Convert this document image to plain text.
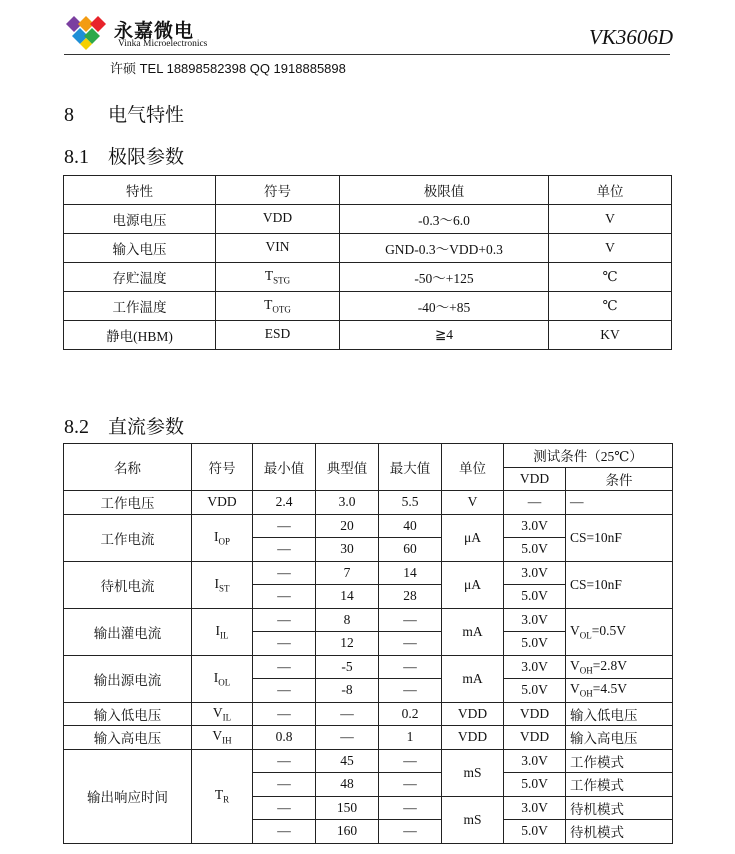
永嘉微电
Vinka Microelectronics	VK3606D
许硕 TEL 18898582398 QQ 1918885898
8 电气特性
8.1 极限参数
特性	符号	极限值	单位
电源电压	VDD	-0.3～6.0	V
输入电压	VIN	GND-0.3～VDD+0.3	V
存贮温度	$T_{STG}$	-50～+125	℃
工作温度	$T_{OTG}$	-40～+85	℃
静电(HBM)	ESD	≧4	KV
8.2 直流参数
名称	符号	最小值	典型值	最大值	单位	测试条件（25℃）	
						VDD	条件
工作电压	VDD	2.4	3.0	5.5	V	—	—
工作电流	$I_{OP}$	—	20	40	μA	3.0V	CS=10nF
		—	30	60		5.0V	
待机电流	$I_{ST}$	—	7	14	μA	3.0V	CS=10nF
		—	14	28		5.0V	
输出灌电流	$I_{IL}$	—	8	—	mA	3.0V	$V_{OL}=0.5V$
		—	12	—		5.0V	
输出源电流	$I_{OL}$	—	-5	—	mA	3.0V	$V_{OH}=2.8V$
		—	-8	—		5.0V	$V_{OH}=4.5V$
输入低电压	$V_{IL}$	—	—	0.2	VDD	VDD	输入低电压
输入高电压	$V_{IH}$	0.8	—	1	VDD	VDD	输入高电压
输出响应时间	$T_R$	—	45	—	mS	3.0V	工作模式
		—	48	—		5.0V	工作模式
		—	150	—	mS	3.0V	待机模式
		—	160	—		5.0V	待机模式
